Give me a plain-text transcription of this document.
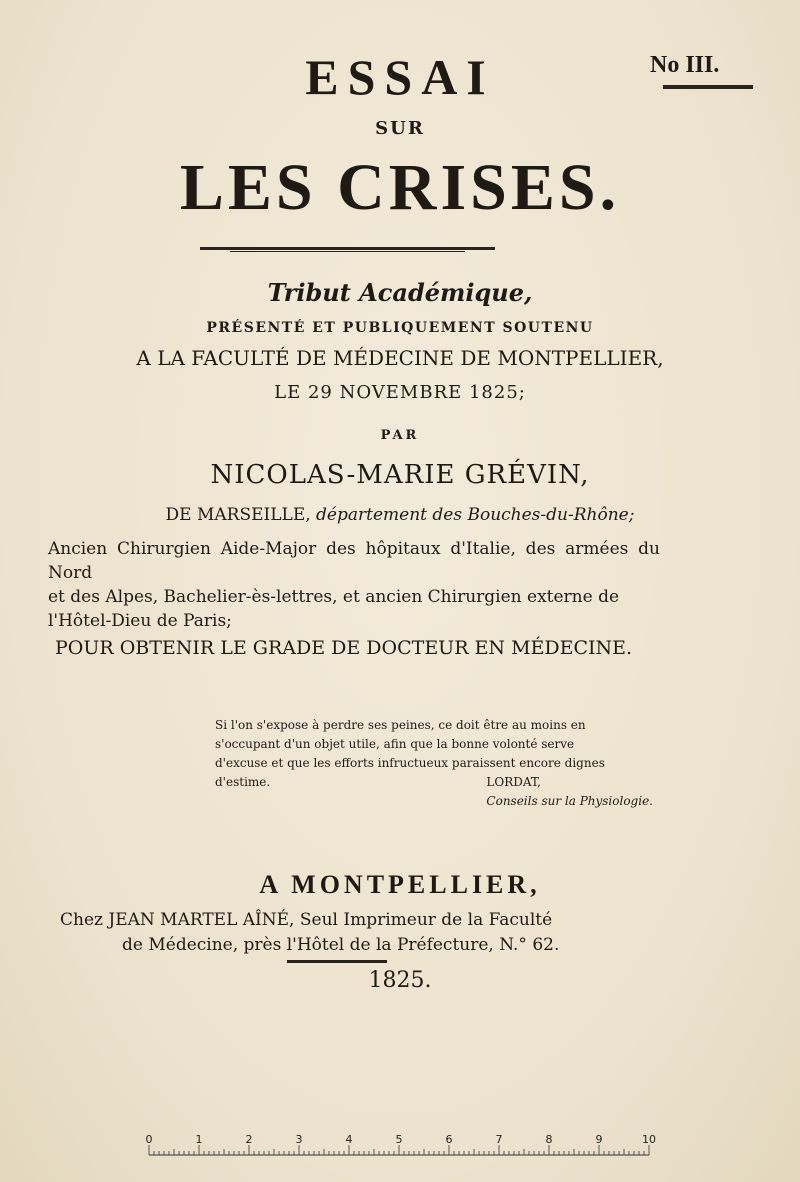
ESSAI
SUR
LES CRISES.
No III.
Tribut Académique,
PRÉSENTÉ ET PUBLIQUEMENT SOUTENU
A LA FACULTÉ DE MÉDECINE DE MONTPELLIER,
LE 29 NOVEMBRE 1825;
PAR
NICOLAS-MARIE GRÉVIN,
DE MARSEILLE, département des Bouches-du-Rhône;
Ancien Chirurgien Aide-Major des hôpitaux d'Italie, des armées du Nord
et des Alpes, Bachelier-ès-lettres, et ancien Chirurgien externe de
l'Hôtel-Dieu de Paris;
POUR OBTENIR LE GRADE DE DOCTEUR EN MÉDECINE.
Si l'on s'expose à perdre ses peines, ce doit être au moins en
s'occupant d'un objet utile, afin que la bonne volonté serve
d'excuse et que les efforts infructueux paraissent encore dignes
d'estime.	LORDAT,
Conseils sur la Physiologie.
A MONTPELLIER,
Chez JEAN MARTEL AÎNÉ, Seul Imprimeur de la Faculté
de Médecine, près l'Hôtel de la Préfecture, N.° 62.
1825.
0	1	2	3	4	5	6	7	8	9	10
